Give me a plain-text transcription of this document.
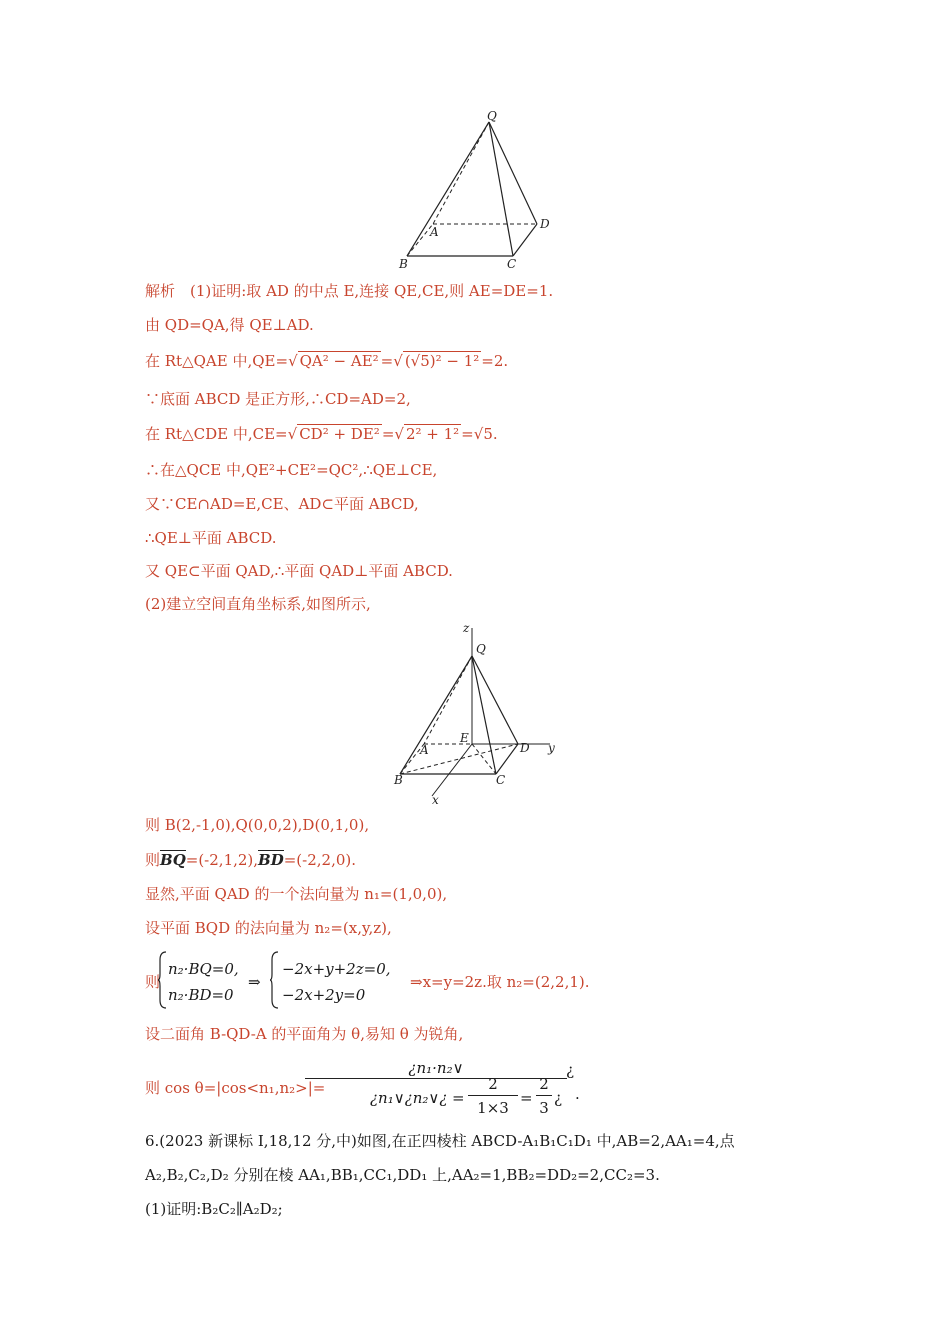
Q
A
B	C
D
解析　(1)证明:取 AD 的中点 E,连接 QE,CE,则 AE=DE=1.
由 QD=QA,得 QE⊥AD.
在 Rt△QAE 中,QE=√ QA² − AE² =√ (√5)² − 1² =2.
∵底面 ABCD 是正方形,∴CD=AD=2,
在 Rt△CDE 中,CE=√ CD² + DE² =√ 2² + 1² =√5.
∴在△QCE 中,QE²+CE²=QC²,∴QE⊥CE,
又∵CE∩AD=E,CE、AD⊂平面 ABCD,
∴QE⊥平面 ABCD.
又 QE⊂平面 QAD,∴平面 QAD⊥平面 ABCD.
(2)建立空间直角坐标系,如图所示,
z
Q
A
E
D y
B	C
x
则 B(2,-1,0),Q(0,0,2),D(0,1,0),
则BQ=(-2,1,2),BD=(-2,2,0).
显然,平面 QAD 的一个法向量为 n₁=(1,0,0),
设平面 BQD 的法向量为 n₂=(x,y,z),
则
n₂·BQ=0,
n₂·BD=0
⇒
−2x+y+2z=0,
−2x+2y=0
⇒x=y=2z.取 n₂=(2,2,1).
设二面角 B-QD-A 的平面角为 θ,易知 θ 为锐角,
则 cos θ=|cos<n₁,n₂>|=
¿n₁·n₂∨
¿n₁∨¿n₂∨¿ =
2
1×3
=
2
3
¿
¿
.
6.(2023 新课标 Ⅰ,18,12 分,中)如图,在正四棱柱 ABCD-A₁B₁C₁D₁ 中,AB=2,AA₁=4,点
A₂,B₂,C₂,D₂ 分别在棱 AA₁,BB₁,CC₁,DD₁ 上,AA₂=1,BB₂=DD₂=2,CC₂=3.
(1)证明:B₂C₂∥A₂D₂;
